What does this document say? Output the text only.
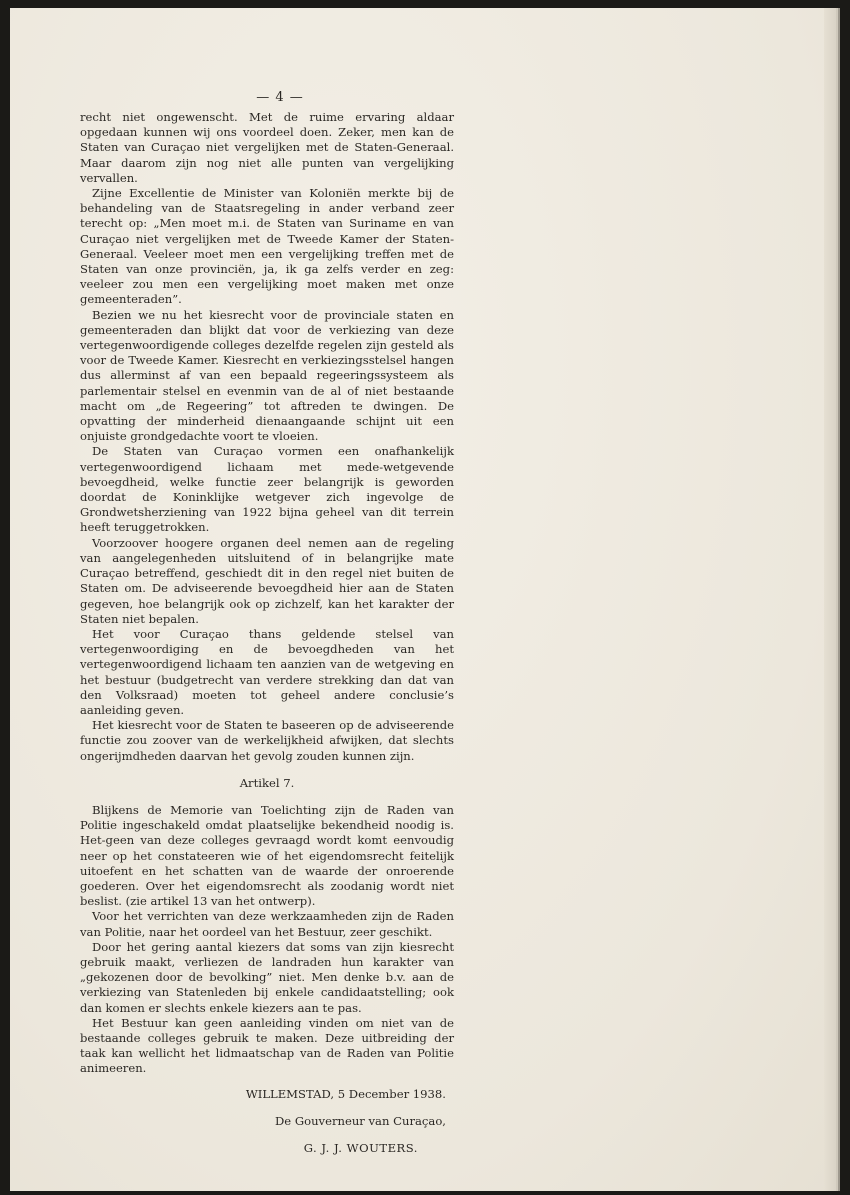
— 4 —

recht niet ongewenscht. Met de ruime ervaring aldaar opgedaan kunnen wij ons voordeel doen. Zeker, men kan de Staten van Curaçao niet vergelijken met de Staten-Generaal. Maar daarom zijn nog niet alle punten van vergelijking vervallen.

Zijne Excellentie de Minister van Koloniën merkte bij de behandeling van de Staatsregeling in ander verband zeer terecht op: „Men moet m.i. de Staten van Suriname en van Curaçao niet vergelijken met de Tweede Kamer der Staten-Generaal. Veeleer moet men een vergelijking treffen met de Staten van onze provinciën, ja, ik ga zelfs verder en zeg: veeleer zou men een vergelijking moet maken met onze gemeenteraden”.

Bezien we nu het kiesrecht voor de provinciale staten en gemeenteraden dan blijkt dat voor de verkiezing van deze vertegenwoordigende colleges dezelfde regelen zijn gesteld als voor de Tweede Kamer. Kiesrecht en verkiezingsstelsel hangen dus allerminst af van een bepaald regeeringssysteem als parlementair stelsel en evenmin van de al of niet bestaande macht om „de Regeering” tot aftreden te dwingen. De opvatting der minderheid dienaangaande schijnt uit een onjuiste grondgedachte voort te vloeien.

De Staten van Curaçao vormen een onafhankelijk vertegenwoordigend lichaam met mede-wetgevende bevoegdheid, welke functie zeer belangrijk is geworden doordat de Koninklijke wetgever zich ingevolge de Grondwetsherziening van 1922 bijna geheel van dit terrein heeft teruggetrokken.

Voorzoover hoogere organen deel nemen aan de regeling van aangelegenheden uitsluitend of in belangrijke mate Curaçao betreffend, geschiedt dit in den regel niet buiten de Staten om. De adviseerende bevoegdheid hier aan de Staten gegeven, hoe belangrijk ook op zichzelf, kan het karakter der Staten niet bepalen.

Het voor Curaçao thans geldende stelsel van vertegenwoordiging en de bevoegdheden van het vertegenwoordigend lichaam ten aanzien van de wetgeving en het bestuur (budgetrecht van verdere strekking dan dat van den Volksraad) moeten tot geheel andere conclusie’s aanleiding geven.

Het kiesrecht voor de Staten te baseeren op de adviseerende functie zou zoover van de werkelijkheid afwijken, dat slechts ongerijmdheden daarvan het gevolg zouden kunnen zijn.

Artikel 7.

Blijkens de Memorie van Toelichting zijn de Raden van Politie ingeschakeld omdat plaatselijke bekendheid noodig is. Het-geen van deze colleges gevraagd wordt komt eenvoudig neer op het constateeren wie of het eigendomsrecht feitelijk uitoefent en het schatten van de waarde der onroerende goederen. Over het eigendomsrecht als zoodanig wordt niet beslist. (zie artikel 13 van het ontwerp).

Voor het verrichten van deze werkzaamheden zijn de Raden van Politie, naar het oordeel van het Bestuur, zeer geschikt.

Door het gering aantal kiezers dat soms van zijn kiesrecht gebruik maakt, verliezen de landraden hun karakter van „gekozenen door de bevolking” niet. Men denke b.v. aan de verkiezing van Statenleden bij enkele candidaatstelling; ook dan komen er slechts enkele kiezers aan te pas.

Het Bestuur kan geen aanleiding vinden om niet van de bestaande colleges gebruik te maken. Deze uitbreiding der taak kan wellicht het lidmaatschap van de Raden van Politie animeeren.

WILLEMSTAD, 5 December 1938.

De Gouverneur van Curaçao,

G. J. J. WOUTERS.
